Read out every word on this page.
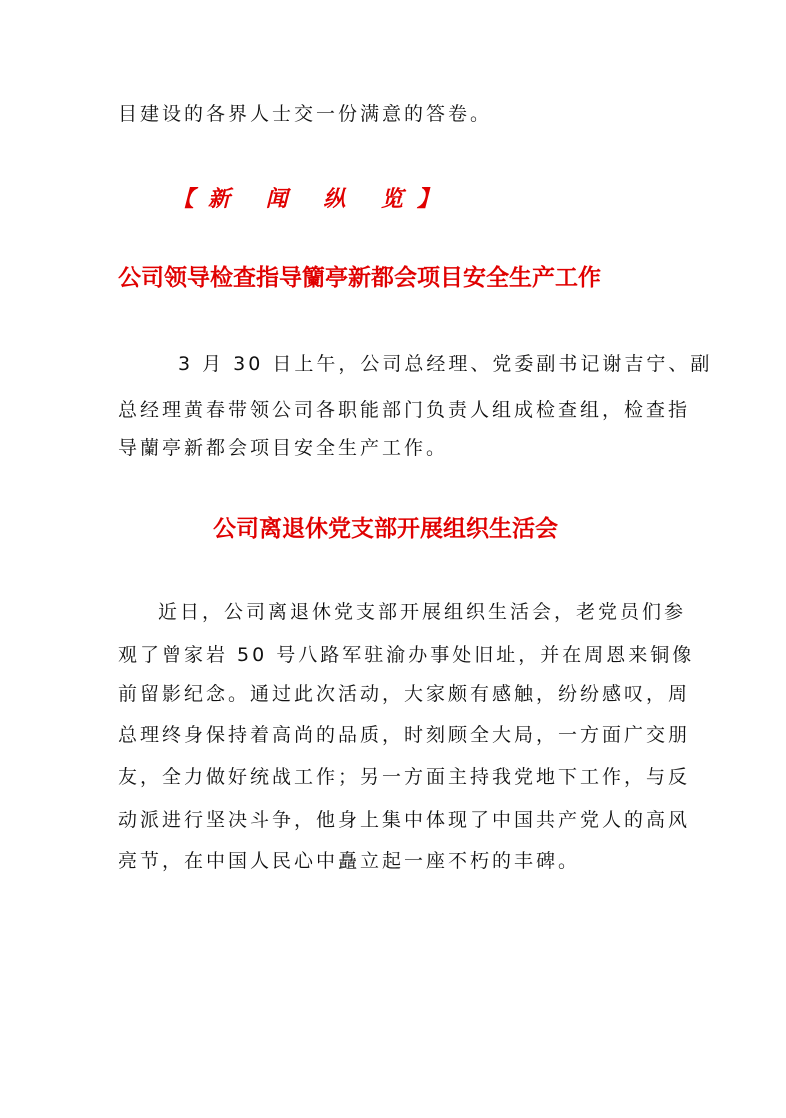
目建设的各界人士交一份满意的答卷。
【新 闻 纵 览】
公司领导检查指导籣亭新都会项目安全生产工作
3 月 30 日上午，公司总经理、党委副书记谢吉宁、副
总经理黄春带领公司各职能部门负责人组成检查组，检查指
导蘭亭新都会项目安全生产工作。
公司离退休党支部开展组织生活会
近日，公司离退休党支部开展组织生活会，老党员们参
观了曾家岩 50 号八路军驻渝办事处旧址，并在周恩来铜像
前留影纪念。通过此次活动，大家颇有感触，纷纷感叹，周
总理终身保持着高尚的品质，时刻顾全大局，一方面广交朋
友，全力做好统战工作；另一方面主持我党地下工作，与反
动派进行坚决斗争，他身上集中体现了中国共产党人的高风
亮节，在中国人民心中矗立起一座不朽的丰碑。
